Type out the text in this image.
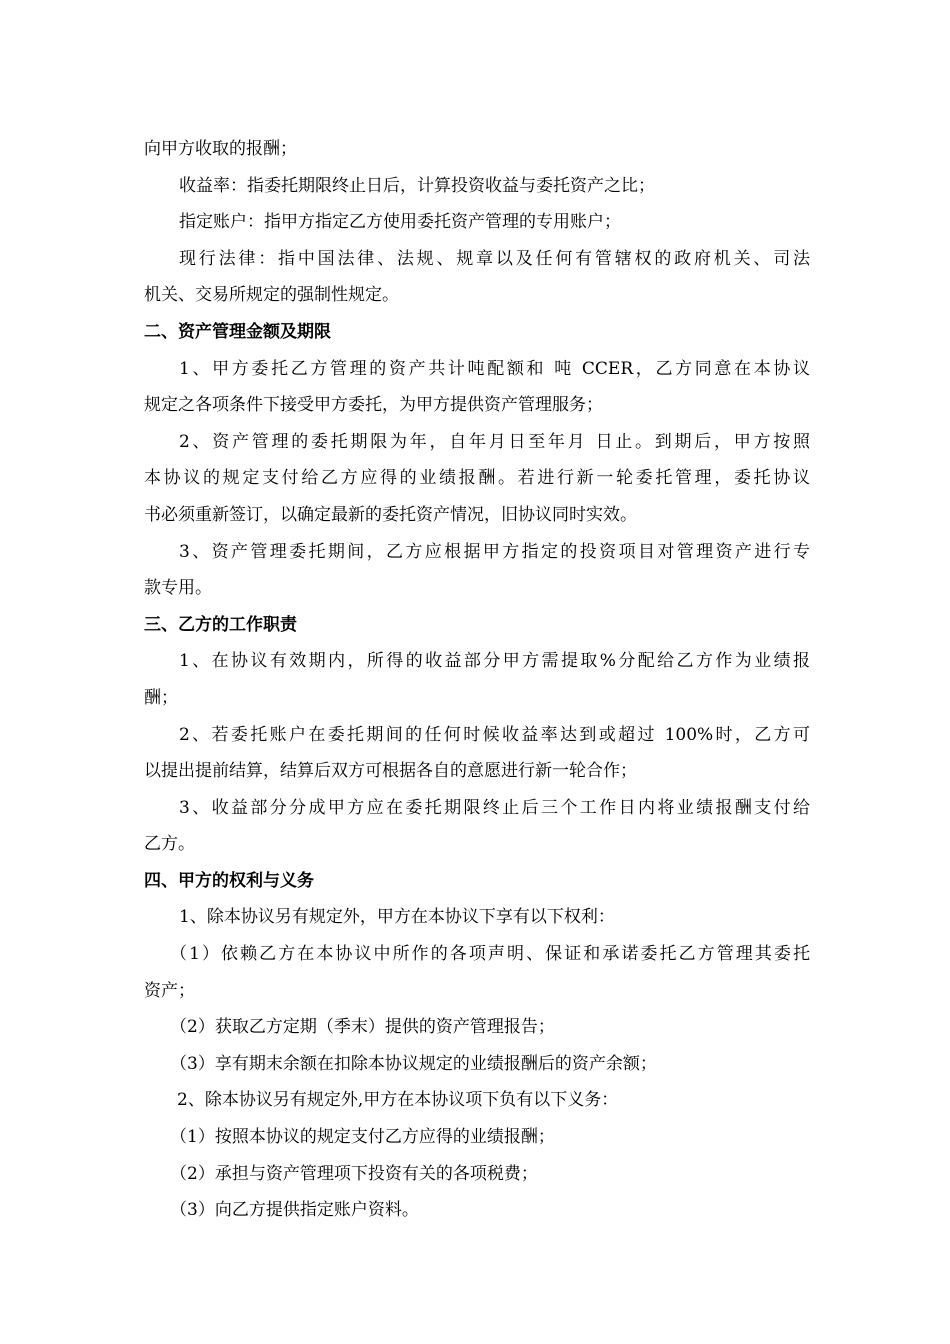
向甲方收取的报酬；
收益率：指委托期限终止日后，计算投资收益与委托资产之比；
指定账户：指甲方指定乙方使用委托资产管理的专用账户；
现行法律：指中国法律、法规、规章以及任何有管辖权的政府机关、司法
机关、交易所规定的强制性规定。
二、资产管理金额及期限
1、甲方委托乙方管理的资产共计吨配额和 吨 CCER，乙方同意在本协议
规定之各项条件下接受甲方委托，为甲方提供资产管理服务；
2、资产管理的委托期限为年，自年月日至年月 日止。到期后，甲方按照
本协议的规定支付给乙方应得的业绩报酬。若进行新一轮委托管理，委托协议
书必须重新签订，以确定最新的委托资产情况，旧协议同时实效。
3、资产管理委托期间，乙方应根据甲方指定的投资项目对管理资产进行专
款专用。
三、乙方的工作职责
1、在协议有效期内，所得的收益部分甲方需提取%分配给乙方作为业绩报
酬；
2、若委托账户在委托期间的任何时候收益率达到或超过 100%时，乙方可
以提出提前结算，结算后双方可根据各自的意愿进行新一轮合作；
3、收益部分分成甲方应在委托期限终止后三个工作日内将业绩报酬支付给
乙方。
四、甲方的权利与义务
1、除本协议另有规定外，甲方在本协议下享有以下权利：
（1）依赖乙方在本协议中所作的各项声明、保证和承诺委托乙方管理其委托
资产；
（2）获取乙方定期（季末）提供的资产管理报告；
（3）享有期末余额在扣除本协议规定的业绩报酬后的资产余额；
2、除本协议另有规定外,甲方在本协议项下负有以下义务：
（1）按照本协议的规定支付乙方应得的业绩报酬；
（2）承担与资产管理项下投资有关的各项税费；
（3）向乙方提供指定账户资料。
